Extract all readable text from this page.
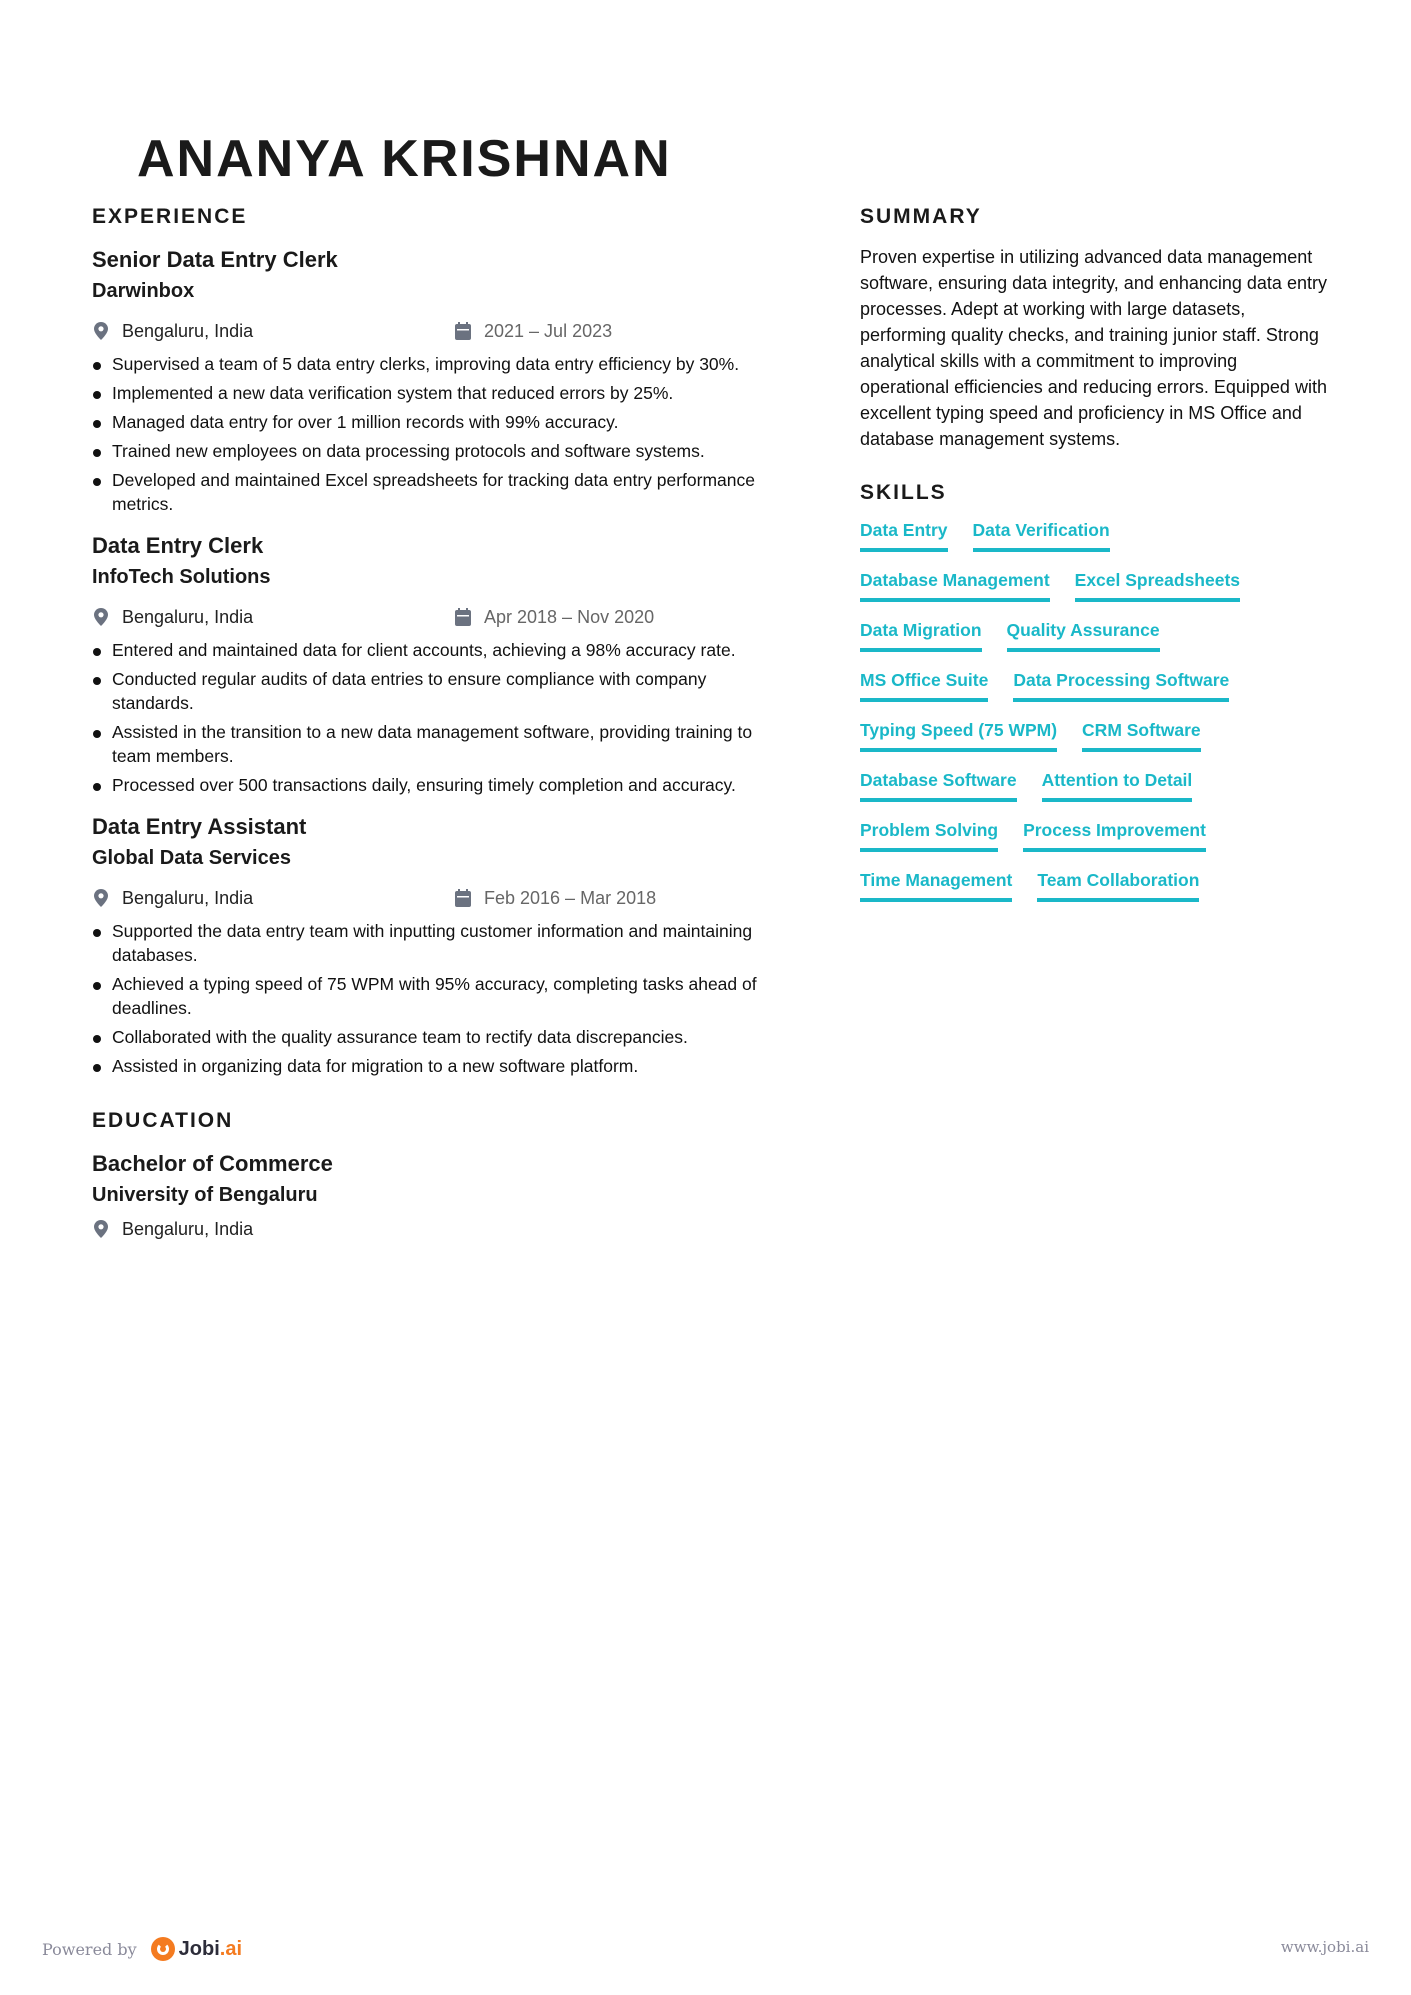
ANANYA KRISHNAN
EXPERIENCE
Senior Data Entry Clerk
Darwinbox
Bengaluru, India	2021 – Jul 2023
Supervised a team of 5 data entry clerks, improving data entry efficiency by 30%.
Implemented a new data verification system that reduced errors by 25%.
Managed data entry for over 1 million records with 99% accuracy.
Trained new employees on data processing protocols and software systems.
Developed and maintained Excel spreadsheets for tracking data entry performance metrics.
Data Entry Clerk
InfoTech Solutions
Bengaluru, India	Apr 2018 – Nov 2020
Entered and maintained data for client accounts, achieving a 98% accuracy rate.
Conducted regular audits of data entries to ensure compliance with company standards.
Assisted in the transition to a new data management software, providing training to team members.
Processed over 500 transactions daily, ensuring timely completion and accuracy.
Data Entry Assistant
Global Data Services
Bengaluru, India	Feb 2016 – Mar 2018
Supported the data entry team with inputting customer information and maintaining databases.
Achieved a typing speed of 75 WPM with 95% accuracy, completing tasks ahead of deadlines.
Collaborated with the quality assurance team to rectify data discrepancies.
Assisted in organizing data for migration to a new software platform.
EDUCATION
Bachelor of Commerce
University of Bengaluru
Bengaluru, India
SUMMARY
Proven expertise in utilizing advanced data management software, ensuring data integrity, and enhancing data entry processes. Adept at working with large datasets, performing quality checks, and training junior staff. Strong analytical skills with a commitment to improving operational efficiencies and reducing errors. Equipped with excellent typing speed and proficiency in MS Office and database management systems.
SKILLS
Data Entry Data Verification
Database Management Excel Spreadsheets
Data Migration Quality Assurance
MS Office Suite Data Processing Software
Typing Speed (75 WPM) CRM Software
Database Software Attention to Detail
Problem Solving Process Improvement
Time Management Team Collaboration
Powered by Jobi.ai	www.jobi.ai
